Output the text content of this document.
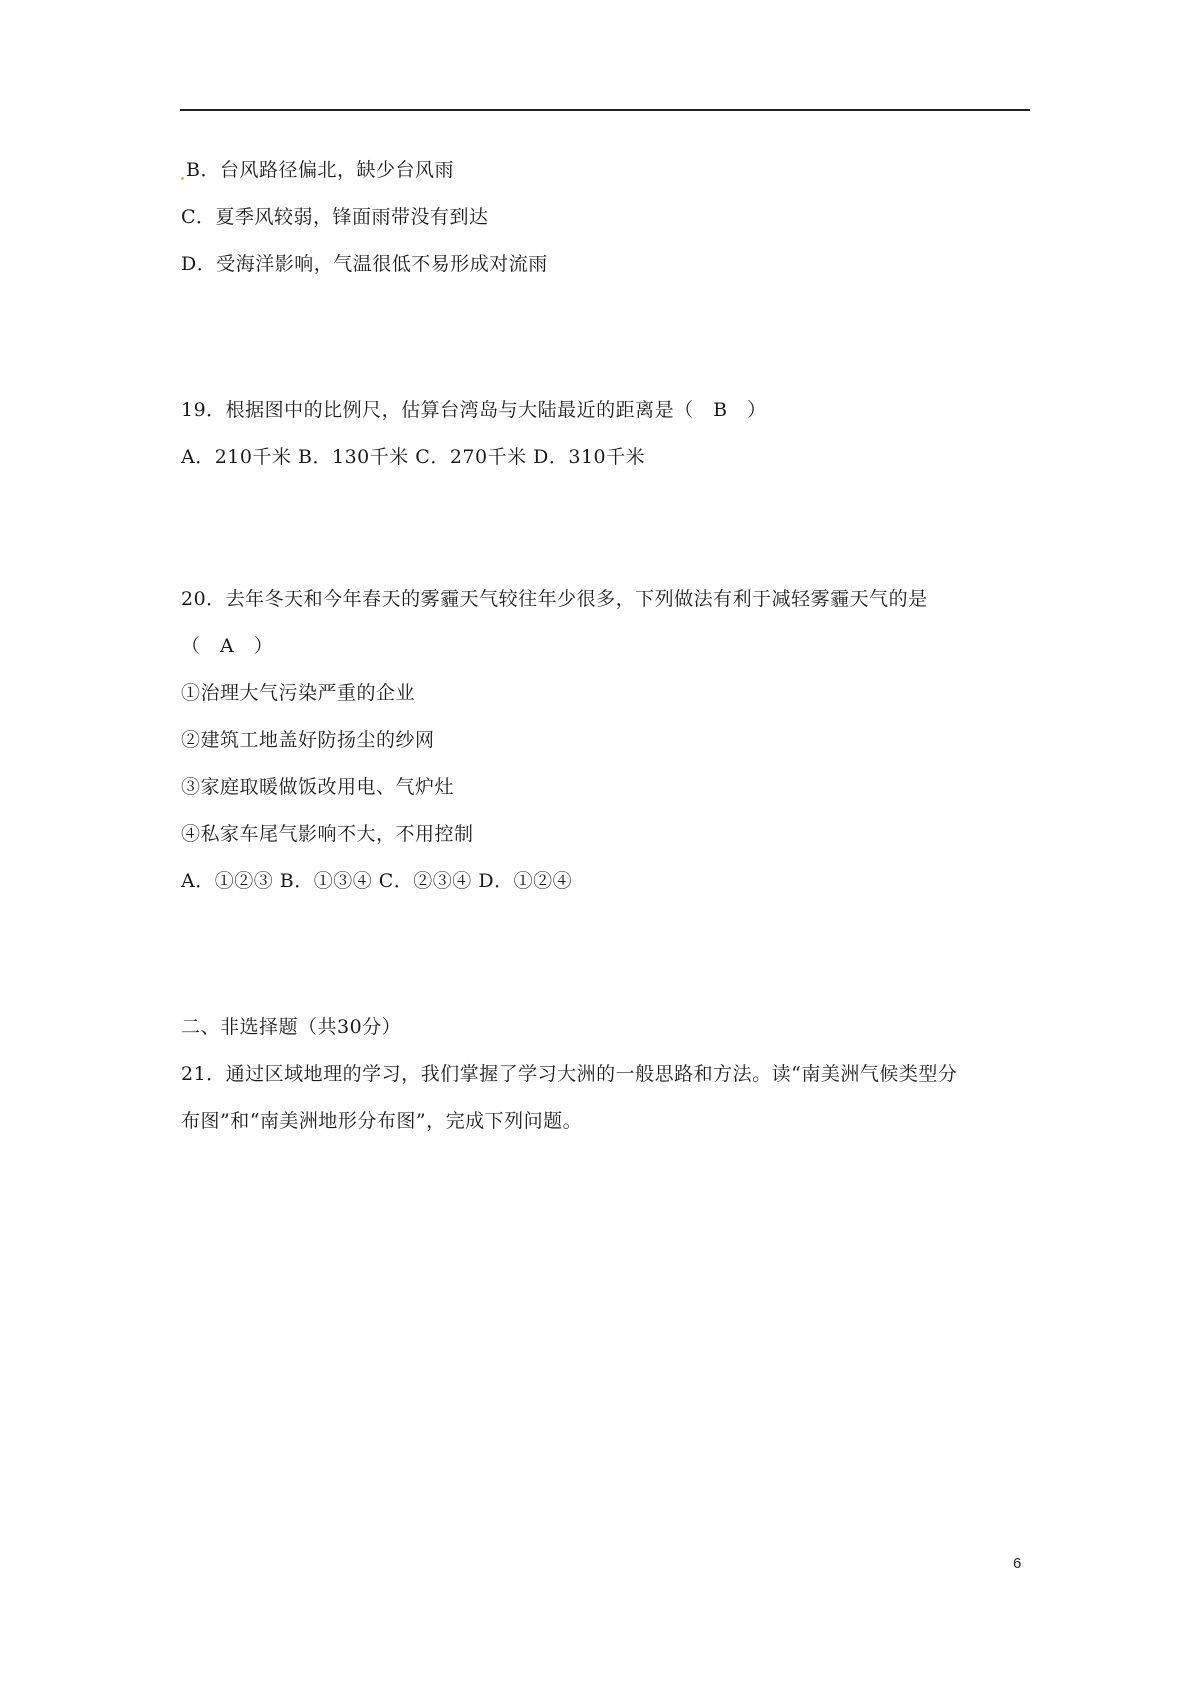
B．台风路径偏北，缺少台风雨
C．夏季风较弱，锋面雨带没有到达
D．受海洋影响，气温很低不易形成对流雨
19．根据图中的比例尺，估算台湾岛与大陆最近的距离是（　B　）
A．210千米 B．130千米 C．270千米 D．310千米
20．去年冬天和今年春天的雾霾天气较往年少很多，下列做法有利于减轻雾霾天气的是
（　A　）
①治理大气污染严重的企业
②建筑工地盖好防扬尘的纱网
③家庭取暖做饭改用电、气炉灶
④私家车尾气影响不大，不用控制
A．①②③ B．①③④ C．②③④ D．①②④
二、非选择题（共30分）
21．通过区域地理的学习，我们掌握了学习大洲的一般思路和方法。读“南美洲气候类型分
布图”和“南美洲地形分布图”，完成下列问题。
6
